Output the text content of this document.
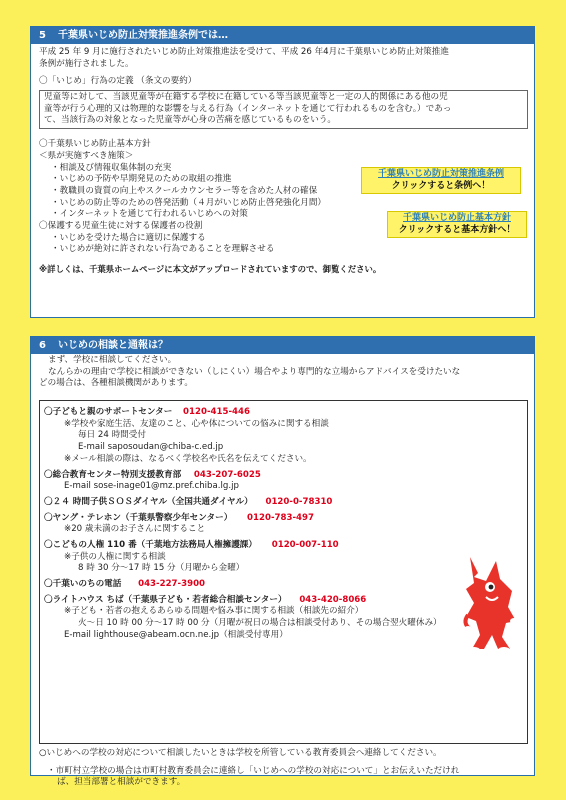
5 千葉県いじめ防止対策推進条例では…
平成 25 年 9 月に施行されたいじめ防止対策推進法を受けて、平成 26 年4月に千葉県いじめ防止対策推進
条例が施行されました。
〇「いじめ」行為の定義 （条文の要約）
児童等に対して、当該児童等が在籍する学校に在籍している等当該児童等と一定の人的関係にある他の児
童等が行う心理的又は物理的な影響を与える行為（インターネットを通じて行われるものを含む。）であっ
て、当該行為の対象となった児童等が心身の苦痛を感じているものをいう。
〇千葉県いじめ防止基本方針
＜県が実施すべき施策＞
・相談及び情報収集体制の充実
・いじめの予防や早期発見のための取組の推進
・教職員の資質の向上やスクールカウンセラー等を含めた人材の確保
・いじめの防止等のための啓発活動（４月がいじめ防止啓発強化月間）
・インターネットを通じて行われるいじめへの対策
〇保護する児童生徒に対する保護者の役割
・いじめを受けた場合に適切に保護する
・いじめが絶対に許されない行為であることを理解させる
※詳しくは、千葉県ホームページに本文がアップロードされていますので、御覧ください。
千葉県いじめ防止対策推進条例
クリックすると条例へ！
千葉県いじめ防止基本方針
クリックすると基本方針へ！
6 いじめの相談と通報は？
まず、学校に相談してください。
なんらかの理由で学校に相談ができない（しにくい）場合やより専門的な立場からアドバイスを受けたいな
どの場合は、各種相談機関があります。
〇子どもと親のサポートセンター 0120-415-446
※学校や家庭生活、友達のこと、心や体についての悩みに関する相談
毎日 24 時間受付
E-mail saposoudan@chiba-c.ed.jp
※メール相談の際は、なるべく学校名や氏名を伝えてください。
〇総合教育センター特別支援教育部 043-207-6025
E-mail sose-inage01@mz.pref.chiba.lg.jp
〇２４ 時間子供ＳＯＳダイヤル（全国共通ダイヤル） 0120-0-78310
〇ヤング・テレホン（千葉県警察少年センター） 0120-783-497
※20 歳未満のお子さんに関すること
〇こどもの人権 110 番（千葉地方法務局人権擁護課） 0120-007-110
※子供の人権に関する相談
8 時 30 分～17 時 15 分（月曜から金曜）
〇千葉いのちの電話 043-227-3900
〇ライトハウス ちば（千葉県子ども・若者総合相談センター） 043-420-8066
※子ども・若者の抱えるあらゆる問題や悩み事に関する相談（相談先の紹介）
火～日 10 時 00 分～17 時 00 分（月曜が祝日の場合は相談受付あり、その場合翌火曜休み）
E-mail lighthouse@abeam.ocn.ne.jp（相談受付専用）
○いじめへの学校の対応について相談したいときは学校を所管している教育委員会へ連絡してください。
・市町村立学校の場合は市町村教育委員会に連絡し「いじめへの学校の対応について」とお伝えいただけれ
ば、担当部署と相談ができます。
